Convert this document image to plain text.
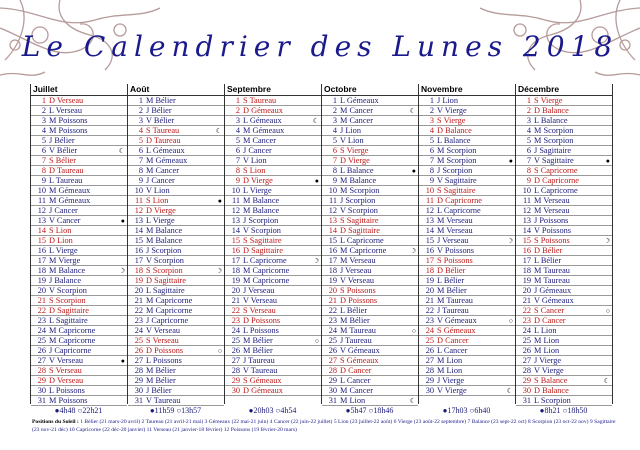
Le Calendrier des Lunes 2018
Juillet
1 D Verseau
2 L Verseau
3 M Poissons
4 M Poissons
5 J Bélier
6 V Bélier	☾
7 S Bélier
8 D Taureau
9 L Taureau
10 M Gémeaux
11 M Gémeaux
12 J Cancer
13 V Cancer	●
14 S Lion
15 D Lion
16 L Vierge
17 M Vierge
18 M Balance	☽
19 J Balance
20 V Scorpion
21 S Scorpion
22 D Sagittaire
23 L Sagittaire
24 M Capricorne
25 M Capricorne
26 J Capricorne
27 V Verseau	●
28 S Verseau
29 D Verseau
30 L Poissons
31 M Poissons
Août
1 M Bélier
2 J Bélier
3 V Bélier
4 S Taureau	☾
5 D Taureau
6 L Gémeaux
7 M Gémeaux
8 M Cancer
9 J Cancer
10 V Lion
11 S Lion	●
12 D Vierge
13 L Vierge
14 M Balance
15 M Balance
16 J Scorpion
17 V Scorpion
18 S Scorpion	☽
19 D Sagittaire
20 L Sagittaire
21 M Capricorne
22 M Capricorne
23 J Capricorne
24 V Verseau
25 S Verseau
26 D Poissons	○
27 L Poissons
28 M Bélier
29 M Bélier
30 J Bélier
31 V Taureau
Septembre
1 S Taureau
2 D Gémeaux
3 L Gémeaux	☾
4 M Gémeaux
5 M Cancer
6 J Cancer
7 V Lion
8 S Lion
9 D Vierge	●
10 L Vierge
11 M Balance
12 M Balance
13 J Scorpion
14 V Scorpion
15 S Sagittaire
16 D Sagittaire
17 L Capricorne	☽
18 M Capricorne
19 M Capricorne
20 J Verseau
21 V Verseau
22 S Verseau
23 D Poissons
24 L Poissons
25 M Bélier	○
26 M Bélier
27 J Taureau
28 V Taureau
29 S Gémeaux
30 D Gémeaux
Octobre
1 L Gémeaux
2 M Cancer	☾
3 M Cancer
4 J Lion
5 V Lion
6 S Vierge
7 D Vierge
8 L Balance	●
9 M Balance
10 M Scorpion
11 J Scorpion
12 V Scorpion
13 S Sagittaire
14 D Sagittaire
15 L Capricorne
16 M Capricorne	☽
17 M Verseau
18 J Verseau
19 V Verseau
20 S Poissons
21 D Poissons
22 L Bélier
23 M Bélier
24 M Taureau	○
25 J Taureau
26 V Gémeaux
27 S Gémeaux
28 D Cancer
29 L Cancer
30 M Cancer
31 M Lion	☾
Novembre
1 J Lion
2 V Vierge
3 S Vierge
4 D Balance
5 L Balance
6 M Scorpion
7 M Scorpion	●
8 J Scorpion
9 V Sagittaire
10 S Sagittaire
11 D Capricorne
12 L Capricorne
13 M Verseau
14 M Verseau
15 J Verseau	☽
16 V Poissons
17 S Poissons
18 D Bélier
19 L Bélier
20 M Bélier
21 M Taureau
22 J Taureau
23 V Gémeaux	○
24 S Gémeaux
25 D Cancer
26 L Cancer
27 M Lion
28 M Lion
29 J Vierge
30 V Vierge	☾
Décembre
1 S Vierge
2 D Balance
3 L Balance
4 M Scorpion
5 M Scorpion
6 J Sagittaire
7 V Sagittaire	●
8 S Capricorne
9 D Capricorne
10 L Capricorne
11 M Verseau
12 M Verseau
13 J Poissons
14 V Poissons
15 S Poissons	☽
16 D Bélier
17 L Bélier
18 M Taureau
19 M Taureau
20 J Gémeaux
21 V Gémeaux
22 S Cancer	○
23 D Cancer
24 L Lion
25 M Lion
26 M Lion
27 J Vierge
28 V Vierge
29 S Balance	☾
30 D Balance
31 L Scorpion
●4h48 ○22h21	●11h59 ○13h57	●20h03 ○4h54	●5h47 ○18h46	●17h03 ○6h40	●8h21 ○18h50
Positions du Soleil : 1 Bélier (21 mars-20 avril) 2 Taureau (21 avril-21 mai) 3 Gémeaux (22 mai-21 juin) 4 Cancer (22 juin-22 juillet) 5 Lion (23 juillet-22 août) 6 Vierge (23 août-22 septembre) 7 Balance (23 sept-22 oct) 8 Scorpion (23 oct-22 nov) 9 Sagittaire (23 nov-21 déc) 10 Capricorne (22 déc-20 janvier) 11 Verseau (21 janvier-18 février) 12 Poissons (19 février-20 mars)
